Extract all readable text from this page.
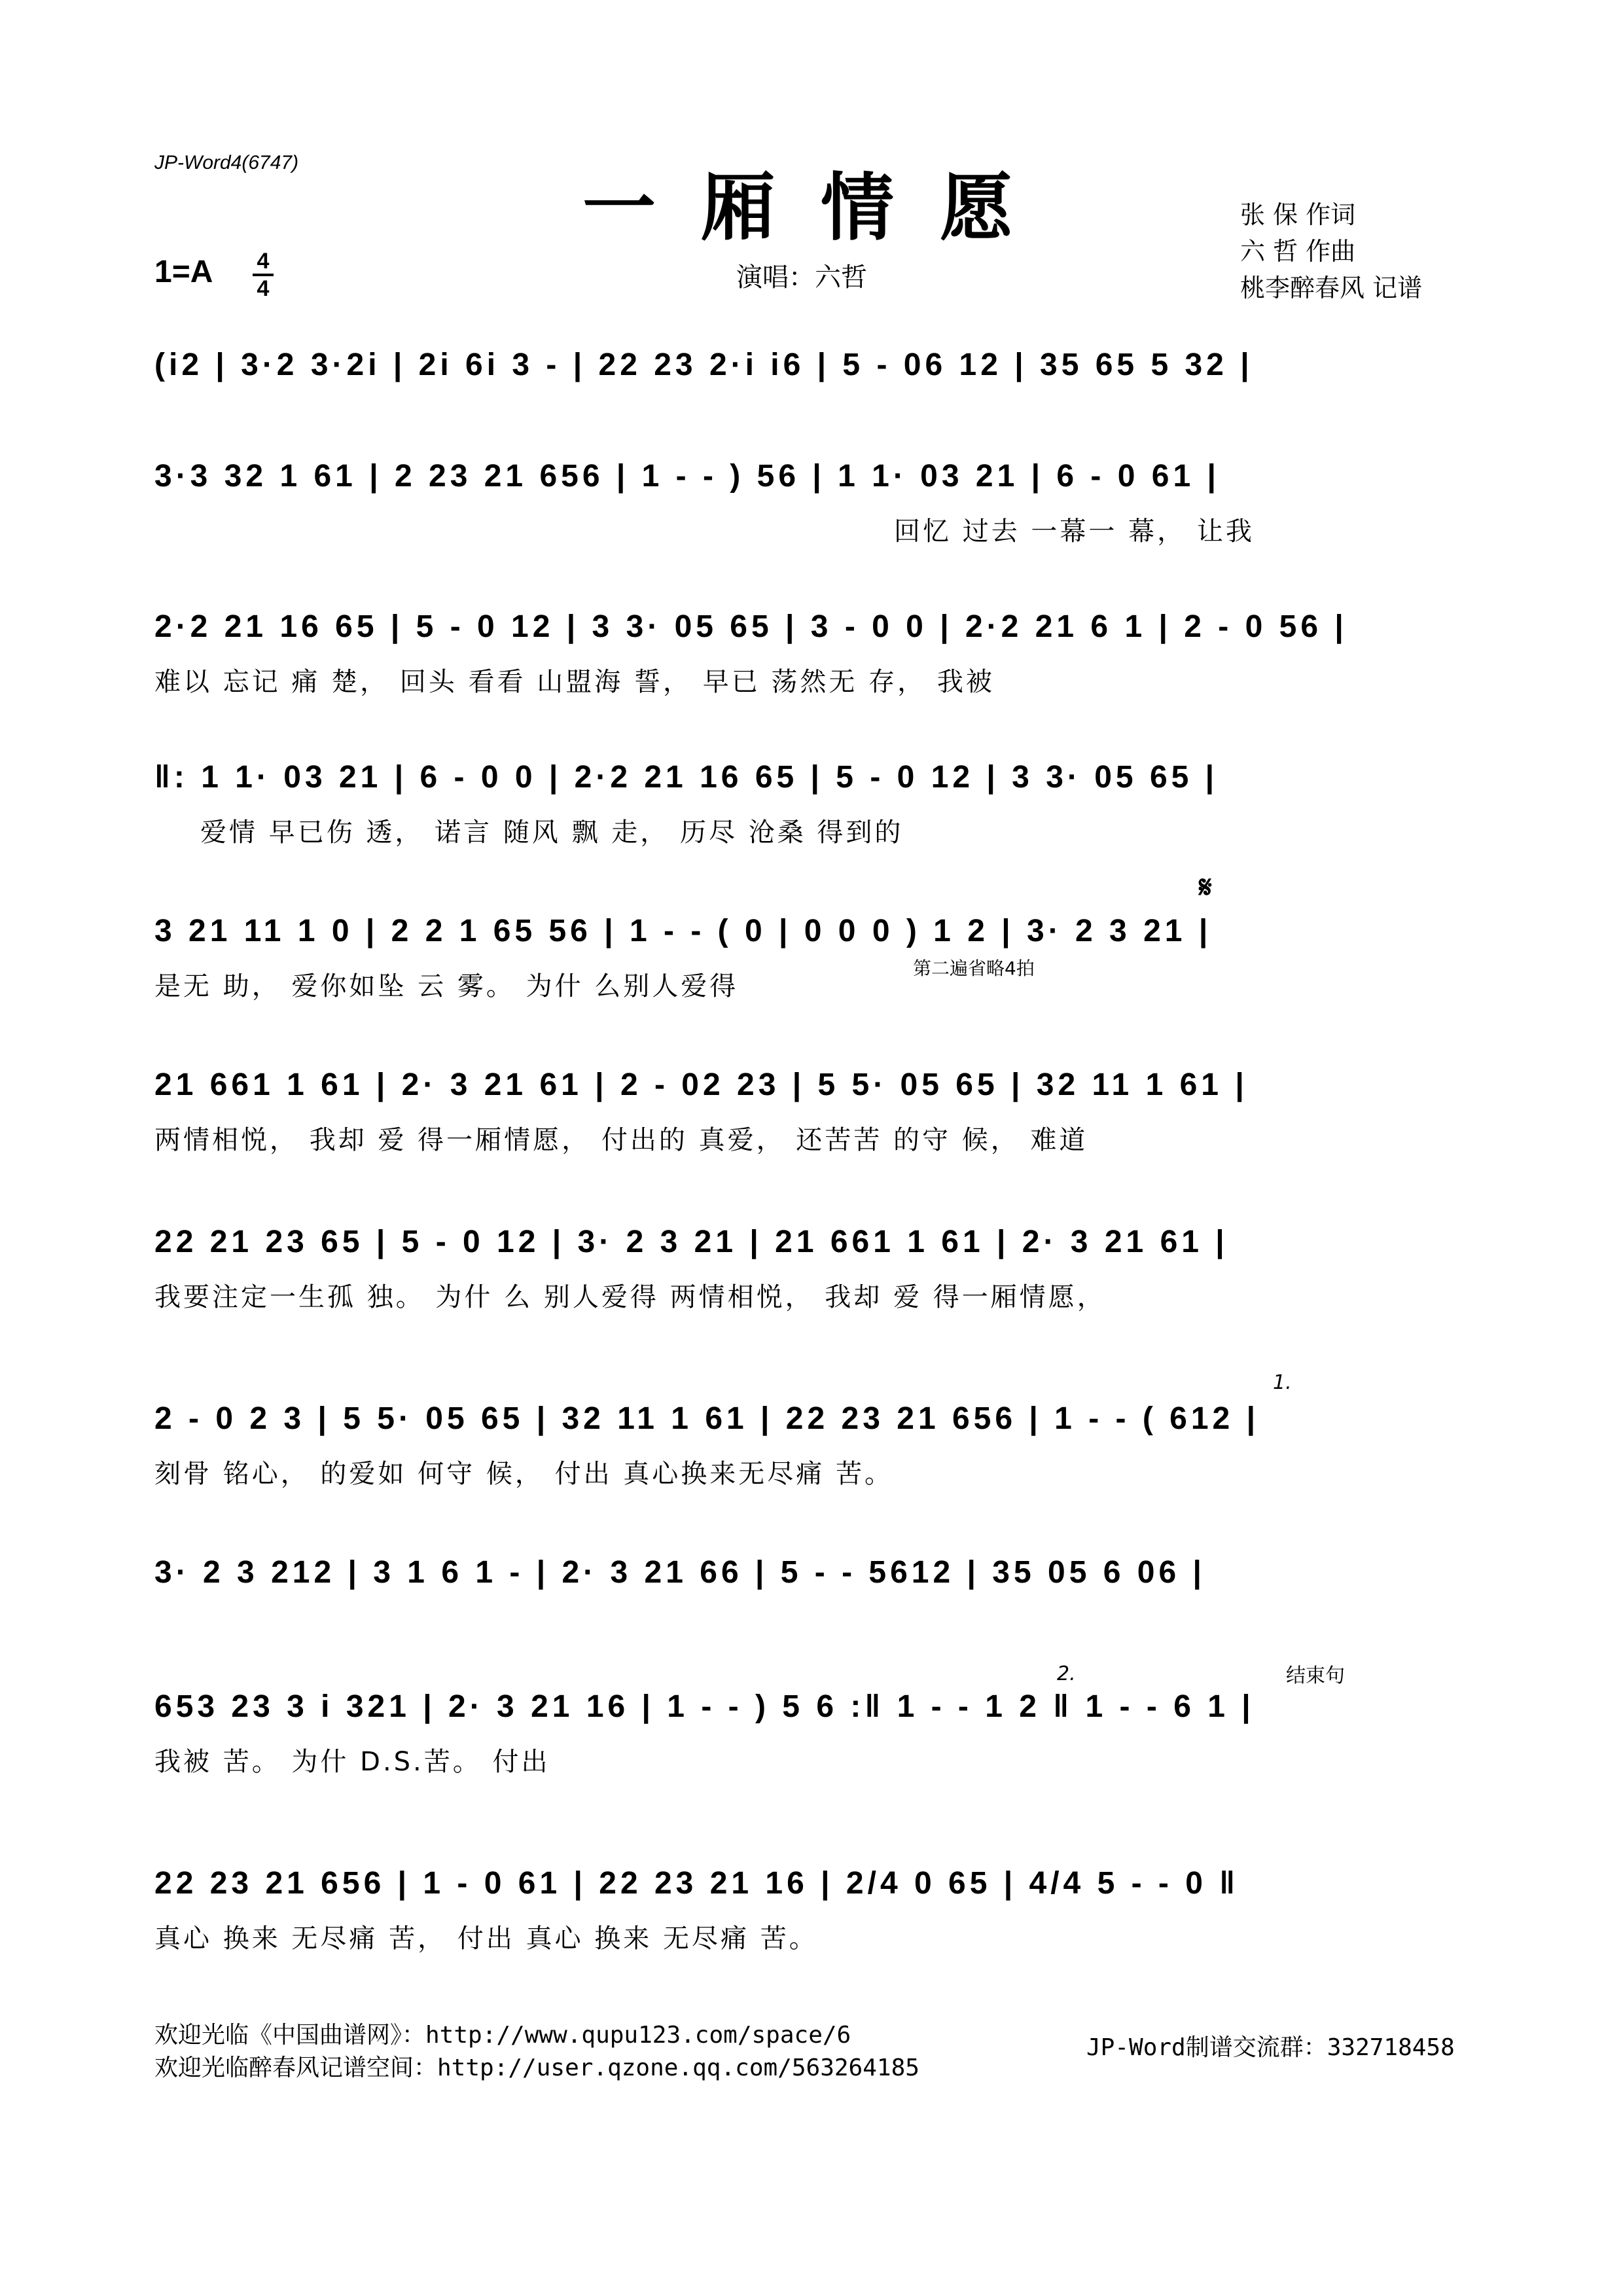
JP-Word4(6747)
一厢情愿	张 保 作词
六 哲 作曲
桃李醉春风 记谱
1=A 4
4	演唱：六哲
(i2 | 3·2 3·2i | 2i 6i 3 - | 22 23 2·i i6 | 5 - 06 12 | 35 65 5 32 |
3·3 32 1 61 | 2 23 21 656 | 1 - - ) 56 | 1 1· 03 21 | 6 - 0 61 |
回忆 过去 一幕一 幕， 让我
2·2 21 16 65 | 5 - 0 12 | 3 3· 05 65 | 3 - 0 0 | 2·2 21 6 1 | 2 - 0 56 |
难以 忘记 痛 楚， 回头 看看 山盟海 誓， 早已 荡然无 存， 我被
‖: 1 1· 03 21 | 6 - 0 0 | 2·2 21 16 65 | 5 - 0 12 | 3 3· 05 65 |
爱情 早已伤 透， 诺言 随风 飘 走， 历尽 沧桑 得到的
3 21 11 1 0 | 2 2 1 65 56 | 1 - - ( 0 | 0 0 0 ) 1 2 | 3· 2 3 21 |
是无 助， 爱你如坠 云 雾。 为什 么别人爱得
21 661 1 61 | 2· 3 21 61 | 2 - 02 23 | 5 5· 05 65 | 32 11 1 61 |
两情相悦， 我却 爱 得一厢情愿， 付出的 真爱， 还苦苦 的守 候， 难道
22 21 23 65 | 5 - 0 12 | 3· 2 3 21 | 21 661 1 61 | 2· 3 21 61 |
我要注定一生孤 独。 为什 么 别人爱得 两情相悦， 我却 爱 得一厢情愿，
2 - 0 2 3 | 5 5· 05 65 | 32 11 1 61 | 22 23 21 656 | 1 - - ( 612 |
刻骨 铭心， 的爱如 何守 候， 付出 真心换来无尽痛 苦。
3· 2 3 212 | 3 1 6 1 - | 2· 3 21 66 | 5 - - 5612 | 35 05 6 06 |
653 23 3 i 321 | 2· 3 21 16 | 1 - - ) 5 6 :‖ 1 - - 1 2 ‖ 1 - - 6 1 |
我被 苦。 为什 D.S.苦。 付出
22 23 21 656 | 1 - 0 61 | 22 23 21 16 | 2/4 0 65 | 4/4 5 - - 0 ‖
真心 换来 无尽痛 苦， 付出 真心 换来 无尽痛 苦。
𝄋
第二遍省略4拍
1.
2.	结束句
欢迎光临《中国曲谱网》：http://www.qupu123.com/space/6
欢迎光临醉春风记谱空间：http://user.qzone.qq.com/563264185
JP-Word制谱交流群：332718458
